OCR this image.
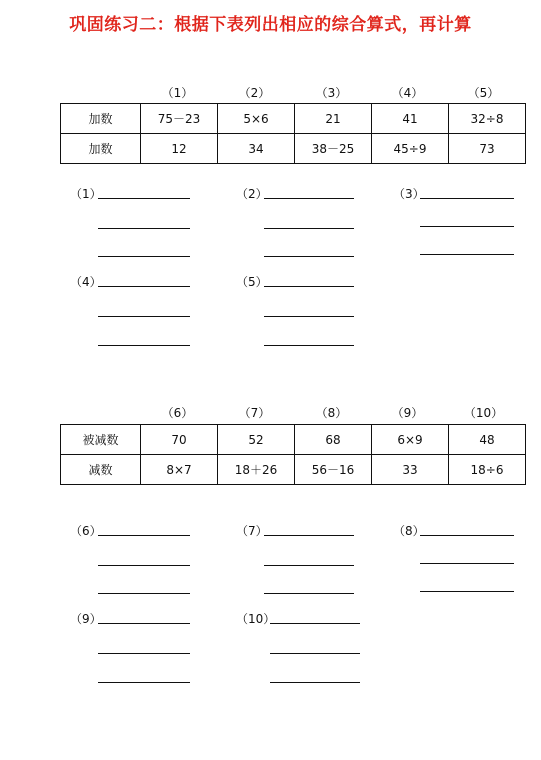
巩固练习二：根据下表列出相应的综合算式，再计算
（1）	（2）	（3）	（4）	（5）
加数	75－23	5×6	21	41	32÷8
加数	12	34	38－25	45÷9	73
（1）	（2）	（3）
（4）	（5）
（6）	（7）	（8）	（9）	（10）
被减数	70	52	68	6×9	48
减数	8×7	18＋26	56－16	33	18÷6
（6）	（7）	（8）
（9）	（10）
